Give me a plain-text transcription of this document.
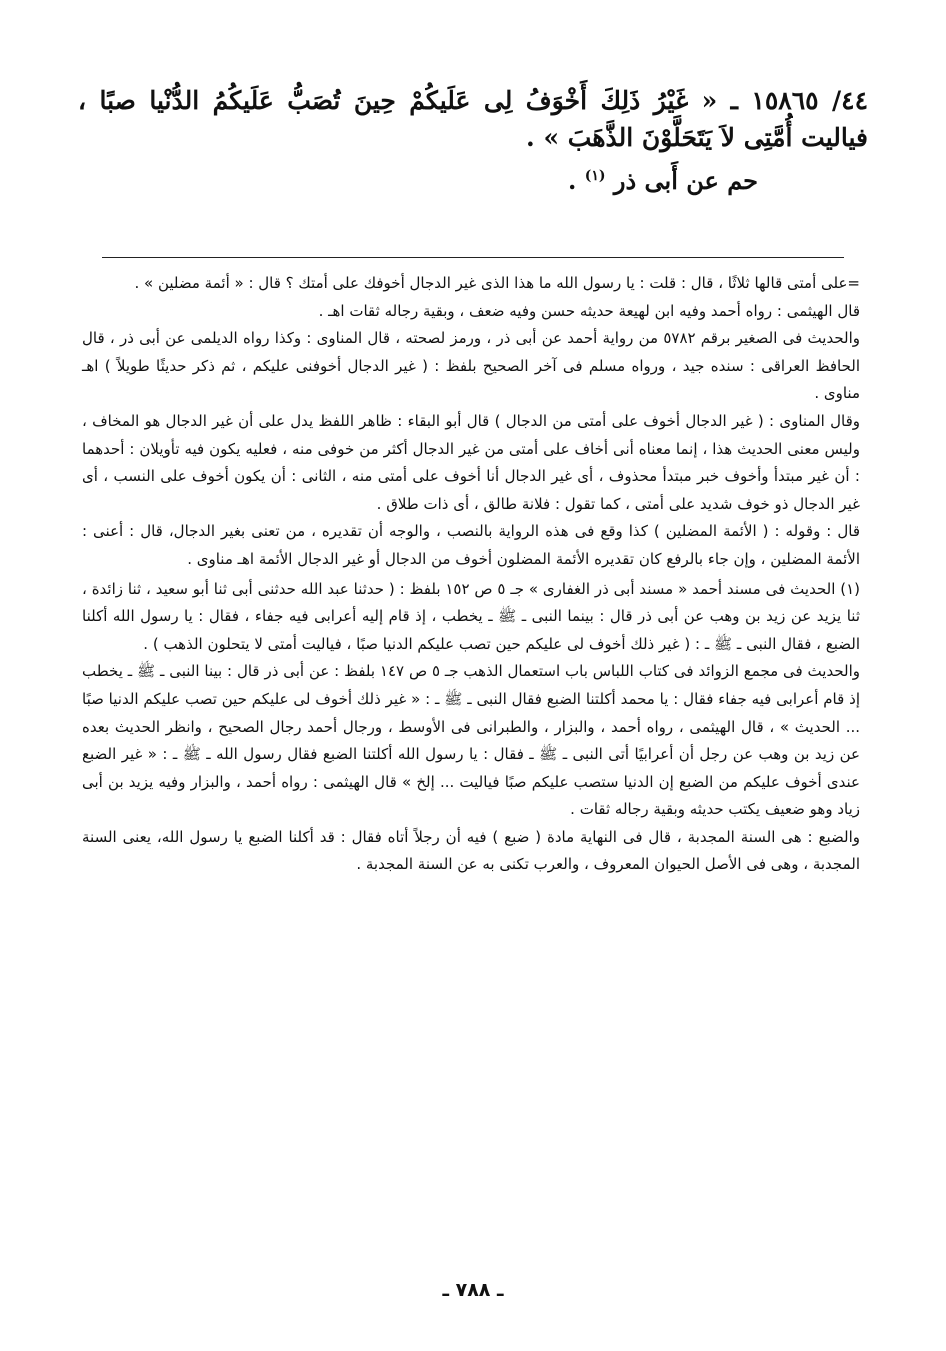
٤٤/ ١٥٨٦٥ ـ « غَيْرُ ذَلِكَ أَخْوَفُ لِى عَلَيكُمْ حِينَ تُصَبُّ عَلَيكُمُ الدُّنْيا صبًا ، فياليت أُمَّتِى لاَ يَتَحَلَّوْنَ الذَّهَبَ » .
حم عن أَبى ذر $^{(١)}$ .

=على أمتى قالها ثلاثًا ، قال : قلت : يا رسول الله ما هذا الذى غير الدجال أخوفك على أمتك ؟ قال : « أئمة مضلين » .

قال الهيثمى : رواه أحمد وفيه ابن لهيعة حديثه حسن وفيه ضعف ، وبقية رجاله ثقات اهـ .

والحديث فى الصغير برقم ٥٧٨٢ من رواية أحمد عن أبى ذر ، ورمز لصحته ، قال المناوى : وكذا رواه الديلمى عن أبى ذر ، قال الحافظ العراقى : سنده جيد ، ورواه مسلم فى آخر الصحيح بلفظ : ( غير الدجال أخوفنى عليكم ، ثم ذكر حديثًا طويلاً ) اهـ مناوى .

وقال المناوى : ( غير الدجال أخوف على أمتى من الدجال ) قال أبو البقاء : ظاهر اللفظ يدل على أن غير الدجال هو المخاف ، وليس معنى الحديث هذا ، إنما معناه أنى أخاف على أمتى من غير الدجال أكثر من خوفى منه ، فعليه يكون فيه تأويلان : أحدهما : أن غير مبتدأ وأخوف خبر مبتدأ محذوف ، أى غير الدجال أنا أخوف على أمتى منه ، الثانى : أن يكون أخوف على النسب ، أى غير الدجال ذو خوف شديد على أمتى ، كما تقول : فلانة طالق ، أى ذات طلاق .

قال : وقوله : ( الأئمة المضلين ) كذا وقع فى هذه الرواية بالنصب ، والوجه أن تقديره ، من تعنى بغير الدجال، قال : أعنى : الأئمة المضلين ، وإن جاء بالرفع كان تقديره الأئمة المضلون أخوف من الدجال أو غير الدجال الأئمة اهـ مناوى .

(١) الحديث فى مسند أحمد « مسند أبى ذر الغفارى » جـ ٥ ص ١٥٢ بلفظ : ( حدثنا عبد الله حدثنى أبى ثنا أبو سعيد ، ثنا زائدة ، ثنا يزيد عن زيد بن وهب عن أبى ذر قال : بينما النبى ـ ﷺ ـ يخطب ، إذ قام إليه أعرابى فيه جفاء ، فقال : يا رسول الله أكلنا الضبع ، فقال النبى ـ ﷺ ـ : ( غير ذلك أخوف لى عليكم حين تصب عليكم الدنيا صبًا ، فياليت أمتى لا يتحلون الذهب ) .

والحديث فى مجمع الزوائد فى كتاب اللباس باب استعمال الذهب جـ ٥ ص ١٤٧ بلفظ : عن أبى ذر قال : بينا النبى ـ ﷺ ـ يخطب إذ قام أعرابى فيه جفاء فقال : يا محمد أكلتنا الضبع فقال النبى ـ ﷺ ـ : « غير ذلك أخوف لى عليكم حين تصب عليكم الدنيا صبًا ... الحديث » ، قال الهيثمى ، رواه أحمد ، والبزار ، والطبرانى فى الأوسط ، ورجال أحمد رجال الصحيح ، وانظر الحديث بعده عن زيد بن وهب عن رجل أن أعرابيًا أتى النبى ـ ﷺ ـ فقال : يا رسول الله أكلتنا الضبع فقال رسول الله ـ ﷺ ـ : « غير الضبع عندى أخوف عليكم من الضبع إن الدنيا ستصب عليكم صبًا فياليت ... إلخ » قال الهيثمى : رواه أحمد ، والبزار وفيه يزيد بن أبى زياد وهو ضعيف يكتب حديثه وبقية رجاله ثقات .

والضبع : هى السنة المجدبة ، قال فى النهاية مادة ( ضبع ) فيه أن رجلاً أتاه فقال : قد أكلنا الضبع يا رسول الله، يعنى السنة المجدبة ، وهى فى الأصل الحيوان المعروف ، والعرب تكنى به عن السنة المجدبة .

ـ ٧٨٨ ـ
